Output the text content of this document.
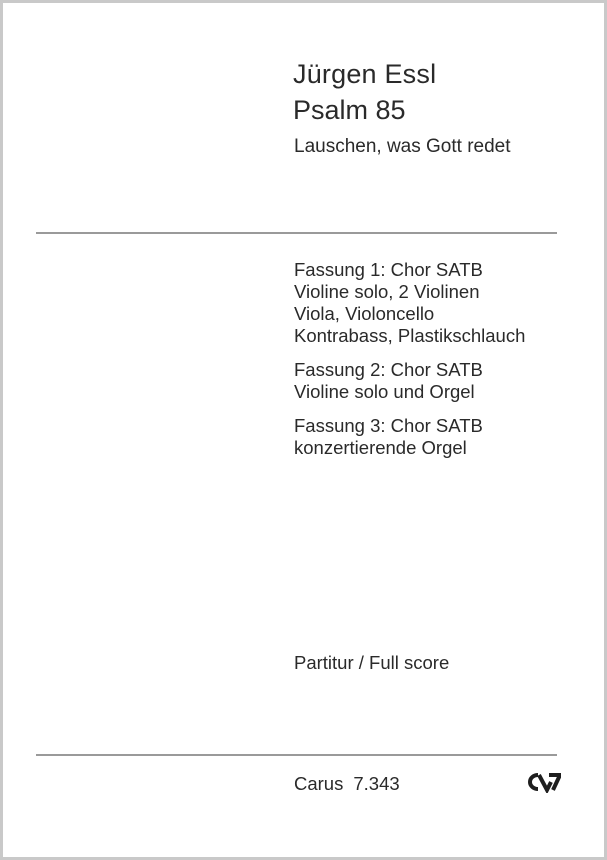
Jürgen Essl
Psalm 85
Lauschen, was Gott redet
Fassung 1: Chor SATB
Violine solo, 2 Violinen
Viola, Violoncello
Kontrabass, Plastikschlauch
Fassung 2: Chor SATB
Violine solo und Orgel
Fassung 3: Chor SATB
konzertierende Orgel
Partitur / Full score
Carus 7.343
